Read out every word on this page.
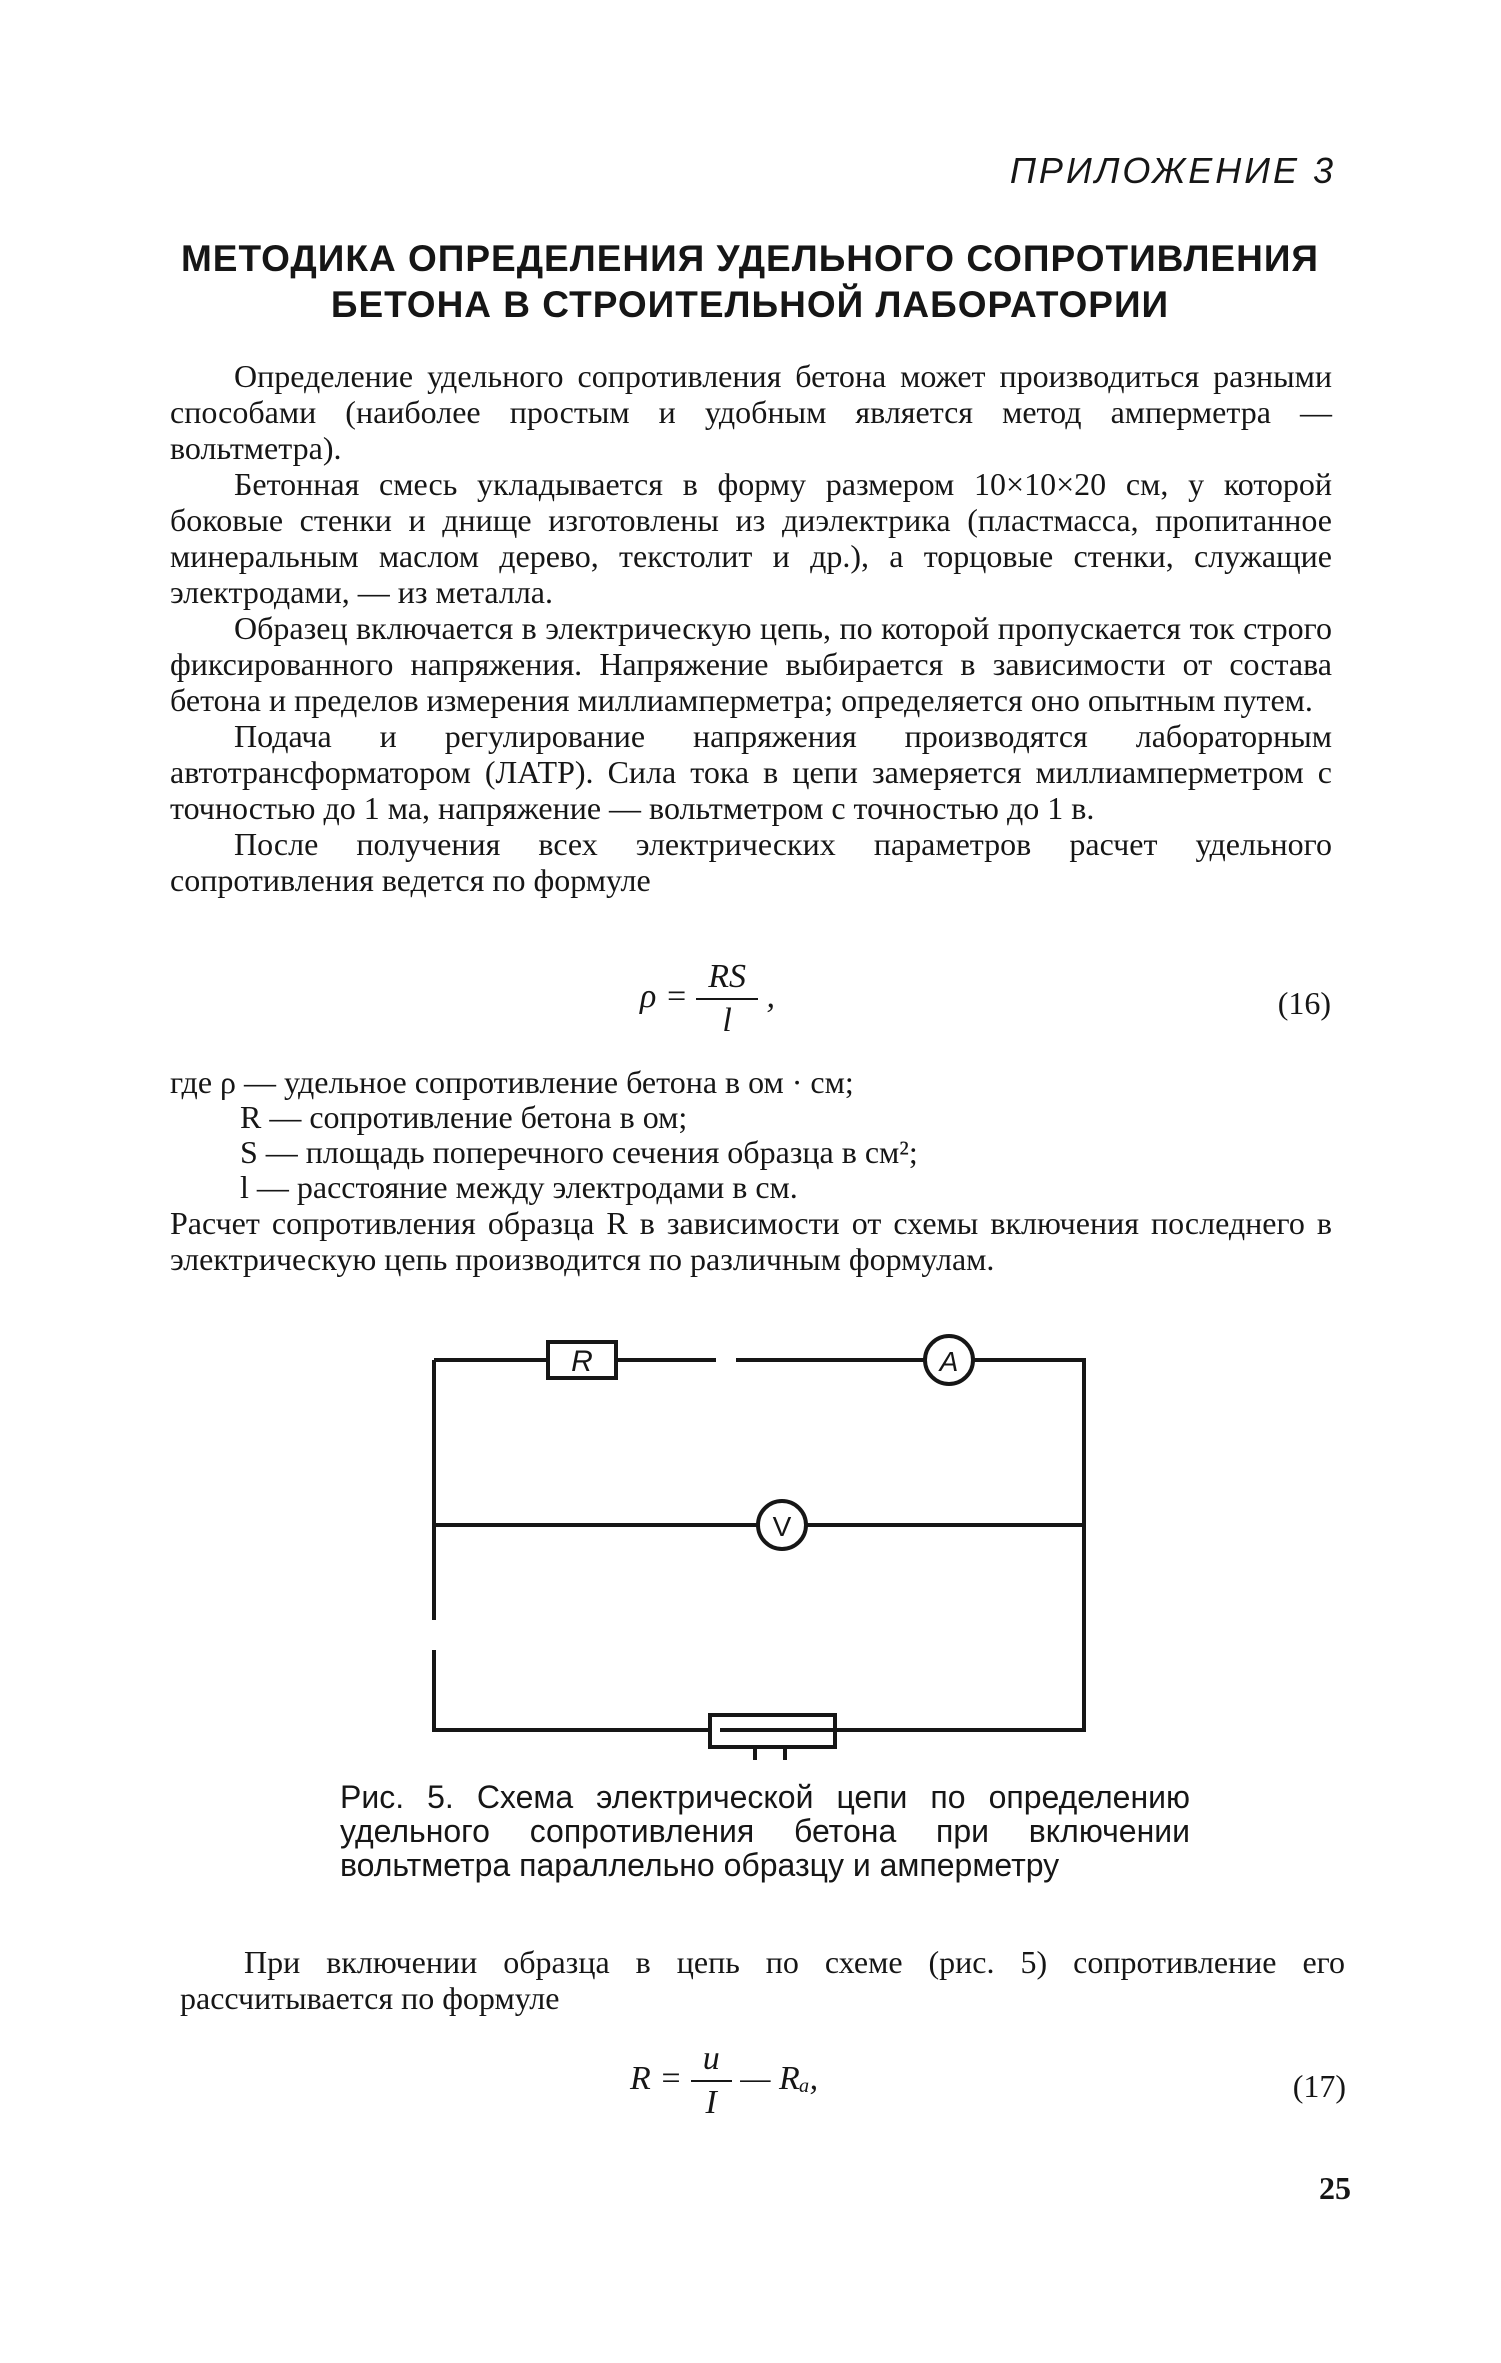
ПРИЛОЖЕНИЕ 3
МЕТОДИКА ОПРЕДЕЛЕНИЯ УДЕЛЬНОГО СОПРОТИВЛЕНИЯ
БЕТОНА В СТРОИТЕЛЬНОЙ ЛАБОРАТОРИИ

Определение удельного сопротивления бетона может производиться разными способами (наиболее простым и удобным является метод амперметра — вольтметра).

Бетонная смесь укладывается в форму размером 10×10×20 см, у которой боковые стенки и днище изготовлены из диэлектрика (пластмасса, пропитанное минеральным маслом дерево, текстолит и др.), а торцовые стенки, служащие электродами, — из металла.

Образец включается в электрическую цепь, по которой пропускается ток строго фиксированного напряжения. Напряжение выбирается в зависимости от состава бетона и пределов измерения миллиамперметра; определяется оно опытным путем.

Подача и регулирование напряжения производятся лабораторным автотрансформатором (ЛАТР). Сила тока в цепи замеряется миллиамперметром с точностью до 1 ма, напряжение — вольтметром с точностью до 1 в.

После получения всех электрических параметров расчет удельного сопротивления ведется по формуле

$\rho = \frac{RS}{l}$ ,	(16)
где ρ — удельное сопротивление бетона в ом · см;
R — сопротивление бетона в ом;
S — площадь поперечного сечения образца в см²;
l — расстояние между электродами в см.

Расчет сопротивления образца R в зависимости от схемы включения последнего в электрическую цепь производится по различным формулам.

R	A
V
Рис. 5. Схема электрической цепи по определению удельного сопротивления бетона при включении вольтметра параллельно образцу и амперметру

При включении образца в цепь по схеме (рис. 5) сопротивление его рассчитывается по формуле

$R = \frac{u}{I}$ — Rₐ,	(17)
25
